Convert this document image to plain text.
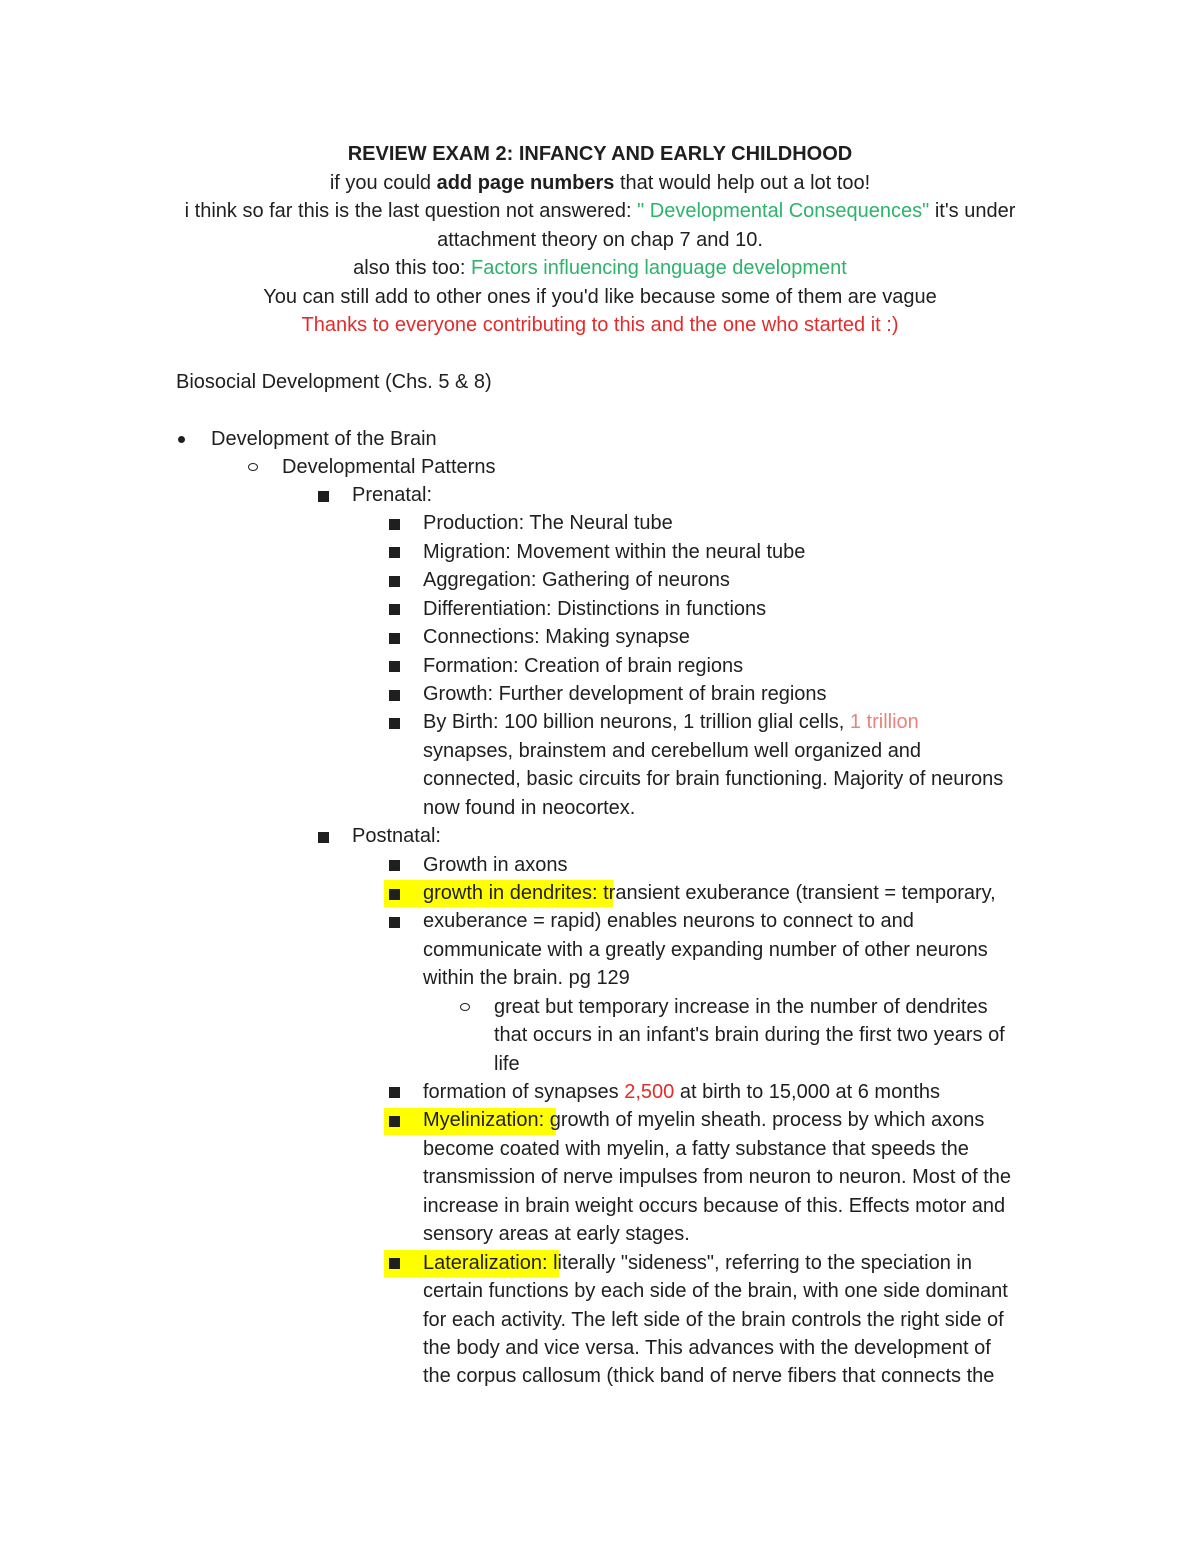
REVIEW EXAM 2: INFANCY AND EARLY CHILDHOOD
if you could add page numbers that would help out a lot too!
i think so far this is the last question not answered: " Developmental Consequences" it's under
attachment theory on chap 7 and 10.
also this too: Factors influencing language development
You can still add to other ones if you'd like because some of them are vague
Thanks to everyone contributing to this and the one who started it :)
Biosocial Development (Chs. 5 & 8)
Development of the Brain
Developmental Patterns
Prenatal:
Production: The Neural tube
Migration: Movement within the neural tube
Aggregation: Gathering of neurons
Differentiation: Distinctions in functions
Connections: Making synapse
Formation: Creation of brain regions
Growth: Further development of brain regions
By Birth: 100 billion neurons, 1 trillion glial cells, 1 trillion
synapses, brainstem and cerebellum well organized and
connected, basic circuits for brain functioning. Majority of neurons
now found in neocortex.
Postnatal:
Growth in axons
growth in dendrites: transient exuberance (transient = temporary,
exuberance = rapid) enables neurons to connect to and
communicate with a greatly expanding number of other neurons
within the brain. pg 129
great but temporary increase in the number of dendrites
that occurs in an infant's brain during the first two years of
life
formation of synapses 2,500 at birth to 15,000 at 6 months
Myelinization: growth of myelin sheath. process by which axons
become coated with myelin, a fatty substance that speeds the
transmission of nerve impulses from neuron to neuron. Most of the
increase in brain weight occurs because of this. Effects motor and
sensory areas at early stages.
Lateralization: literally "sideness", referring to the speciation in
certain functions by each side of the brain, with one side dominant
for each activity. The left side of the brain controls the right side of
the body and vice versa. This advances with the development of
the corpus callosum (thick band of nerve fibers that connects the
